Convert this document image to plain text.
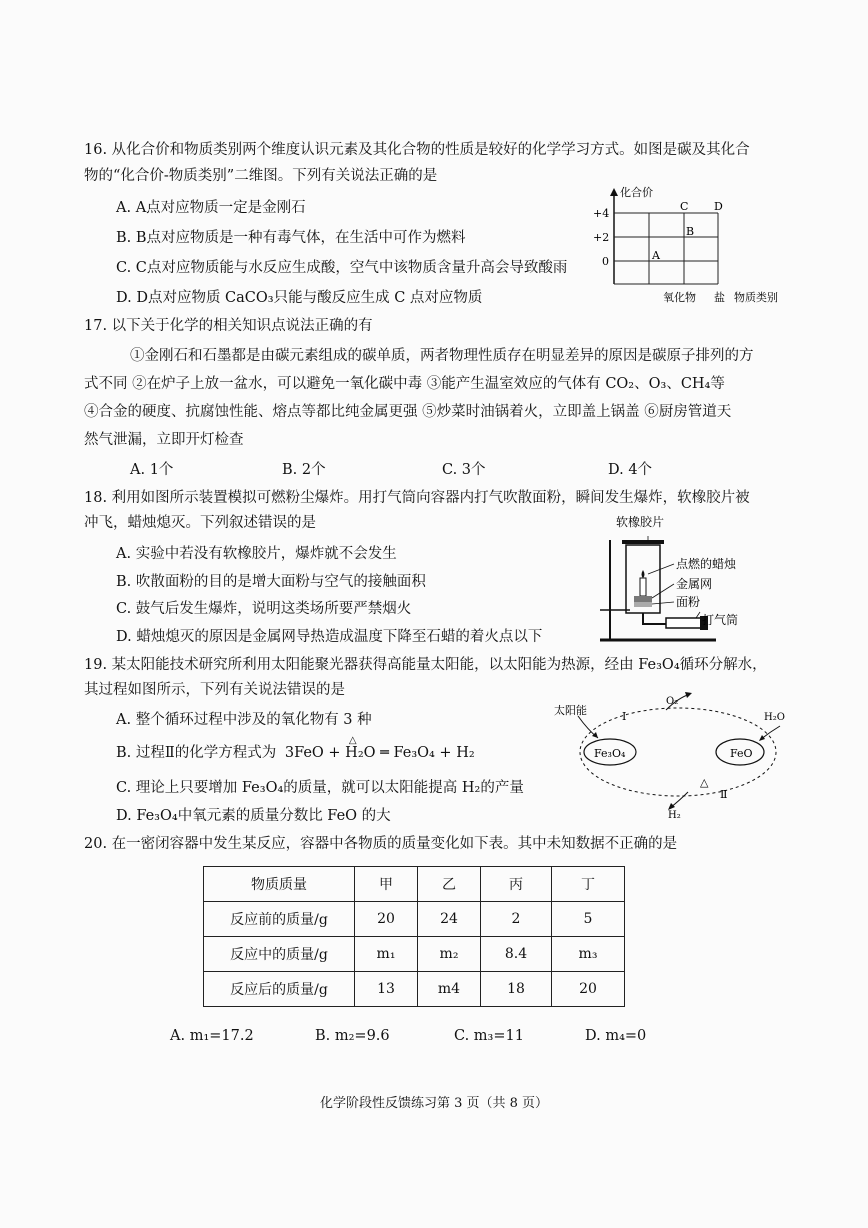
16. 从化合价和物质类别两个维度认识元素及其化合物的性质是较好的化学学习方式。如图是碳及其化合
物的“化合价-物质类别”二维图。下列有关说法正确的是
A. A点对应物质一定是金刚石
B. B点对应物质是一种有毒气体，在生活中可作为燃料
C. C点对应物质能与水反应生成酸，空气中该物质含量升高会导致酸雨
D. D点对应物质 CaCO₃只能与酸反应生成 C 点对应物质
化合价
+4
+2
0	A
B
C D
氧化物 盐 物质类别
17. 以下关于化学的相关知识点说法正确的有
①金刚石和石墨都是由碳元素组成的碳单质，两者物理性质存在明显差异的原因是碳原子排列的方
式不同 ②在炉子上放一盆水，可以避免一氧化碳中毒 ③能产生温室效应的气体有 CO₂、O₃、CH₄等
④合金的硬度、抗腐蚀性能、熔点等都比纯金属更强 ⑤炒菜时油锅着火，立即盖上锅盖 ⑥厨房管道天
然气泄漏，立即开灯检查
A. 1个	B. 2个	C. 3个	D. 4个
18. 利用如图所示装置模拟可燃粉尘爆炸。用打气筒向容器内打气吹散面粉，瞬间发生爆炸，软橡胶片被
冲飞，蜡烛熄灭。下列叙述错误的是
A. 实验中若没有软橡胶片，爆炸就不会发生
B. 吹散面粉的目的是增大面粉与空气的接触面积
C. 鼓气后发生爆炸，说明这类场所要严禁烟火
D. 蜡烛熄灭的原因是金属网导热造成温度下降至石蜡的着火点以下
软橡胶片
点燃的蜡烛
金属网
面粉
打气筒
19. 某太阳能技术研究所利用太阳能聚光器获得高能量太阳能，以太阳能为热源，经由 Fe₃O₄循环分解水，
其过程如图所示，下列有关说法错误的是
A. 整个循环过程中涉及的氧化物有 3 种
B. 过程Ⅱ的化学方程式为 3FeO + H₂O ═ Fe₃O₄ + H₂
△
C. 理论上只要增加 Fe₃O₄的质量，就可以太阳能提高 H₂的产量
D. Fe₃O₄中氧元素的质量分数比 FeO 的大
Fe₃O₄	FeO
太阳能	Ⅰ
O₂
H₂O
H₂
△
Ⅱ
20. 在一密闭容器中发生某反应，容器中各物质的质量变化如下表。其中未知数据不正确的是
物质质量	甲	乙	丙	丁
反应前的质量/g	20	24	2	5
反应中的质量/g	m₁	m₂	8.4	m₃
反应后的质量/g	13	m4	18	20
A. m₁=17.2	B. m₂=9.6	C. m₃=11	D. m₄=0
化学阶段性反馈练习第 3 页（共 8 页）
